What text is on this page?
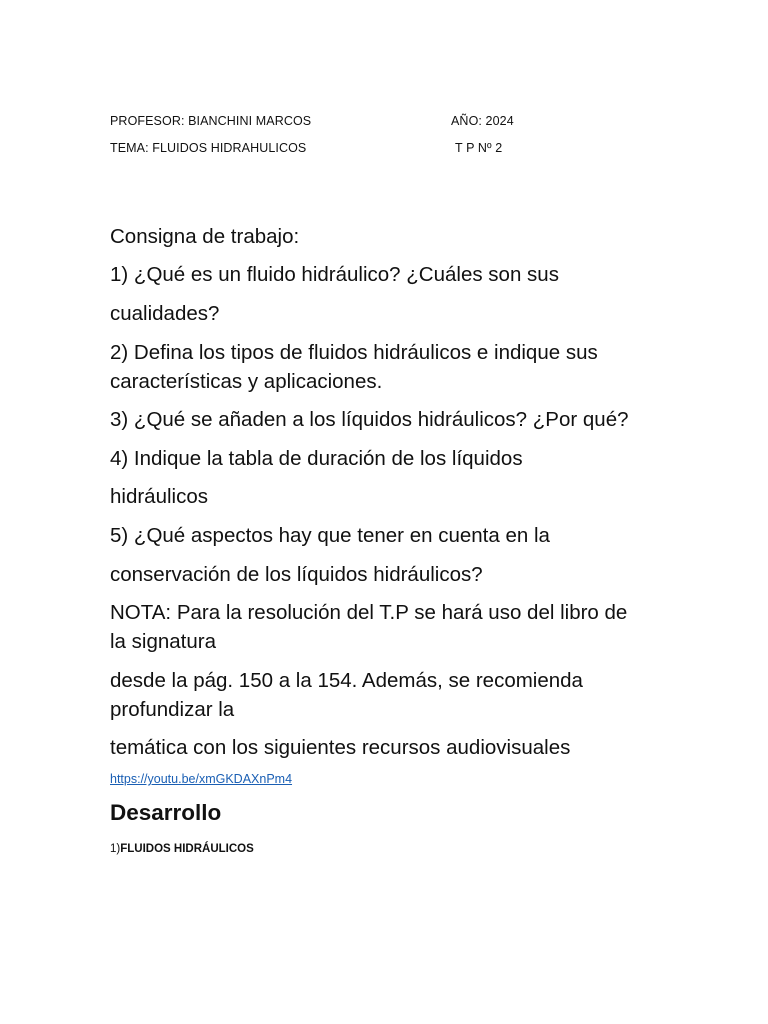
PROFESOR: BIANCHINI MARCOS	AÑO: 2024
TEMA: FLUIDOS HIDRAHULICOS	T P Nº 2
Consigna de trabajo:
1) ¿Qué es un fluido hidráulico? ¿Cuáles son sus
cualidades?
2) Defina los tipos de fluidos hidráulicos e indique sus
características y aplicaciones.
3) ¿Qué se añaden a los líquidos hidráulicos? ¿Por qué?
4) Indique la tabla de duración de los líquidos
hidráulicos
5) ¿Qué aspectos hay que tener en cuenta en la
conservación de los líquidos hidráulicos?
NOTA: Para la resolución del T.P se hará uso del libro de
la signatura
desde la pág. 150 a la 154. Además, se recomienda
profundizar la
temática con los siguientes recursos audiovisuales
https://youtu.be/xmGKDAXnPm4
Desarrollo
1)FLUIDOS HIDRÁULICOS
